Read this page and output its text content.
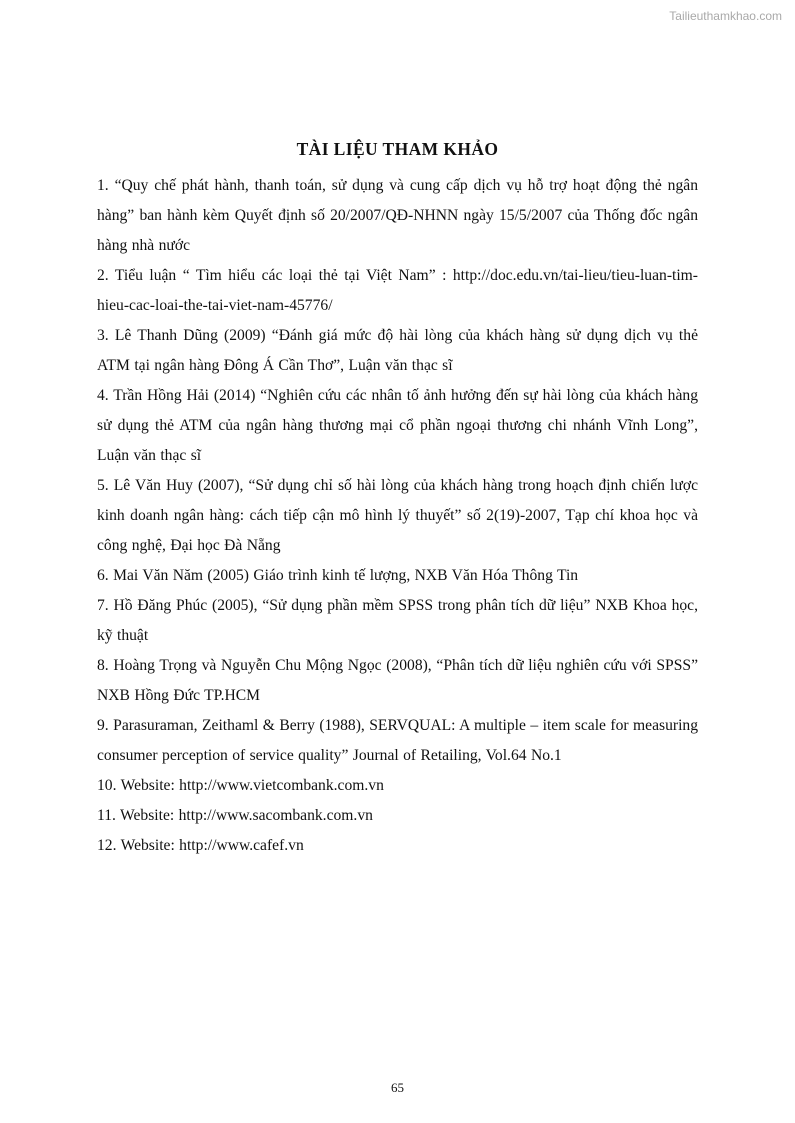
Tailieuthamkhao.com
TÀI LIỆU THAM KHẢO

1. “Quy chế phát hành, thanh toán, sử dụng và cung cấp dịch vụ hỗ trợ hoạt động thẻ ngân hàng” ban hành kèm Quyết định số 20/2007/QĐ-NHNN ngày 15/5/2007 của Thống đốc ngân hàng nhà nước

2. Tiểu luận “ Tìm hiểu các loại thẻ tại Việt Nam” : http://doc.edu.vn/tai-lieu/tieu-luan-tim-hieu-cac-loai-the-tai-viet-nam-45776/

3. Lê Thanh Dũng (2009) “Đánh giá mức độ hài lòng của khách hàng sử dụng dịch vụ thẻ ATM tại ngân hàng Đông Á Cần Thơ”, Luận văn thạc sĩ

4. Trần Hồng Hải (2014) “Nghiên cứu các nhân tố ảnh hưởng đến sự hài lòng của khách hàng sử dụng thẻ ATM của ngân hàng thương mại cổ phần ngoại thương chi nhánh Vĩnh Long”, Luận văn thạc sĩ

5. Lê Văn Huy (2007), “Sử dụng chỉ số hài lòng của khách hàng trong hoạch định chiến lược kinh doanh ngân hàng: cách tiếp cận mô hình lý thuyết” số 2(19)-2007, Tạp chí khoa học và công nghệ, Đại học Đà Nẵng

6. Mai Văn Năm (2005) Giáo trình kinh tế lượng, NXB Văn Hóa Thông Tin

7. Hồ Đăng Phúc (2005), “Sử dụng phần mềm SPSS trong phân tích dữ liệu” NXB Khoa học, kỹ thuật

8. Hoàng Trọng và Nguyễn Chu Mộng Ngọc (2008), “Phân tích dữ liệu nghiên cứu với SPSS” NXB Hồng Đức TP.HCM

9. Parasuraman, Zeithaml & Berry (1988), SERVQUAL: A multiple – item scale for measuring consumer perception of service quality” Journal of Retailing, Vol.64 No.1

10. Website: http://www.vietcombank.com.vn

11. Website: http://www.sacombank.com.vn

12. Website: http://www.cafef.vn

65
